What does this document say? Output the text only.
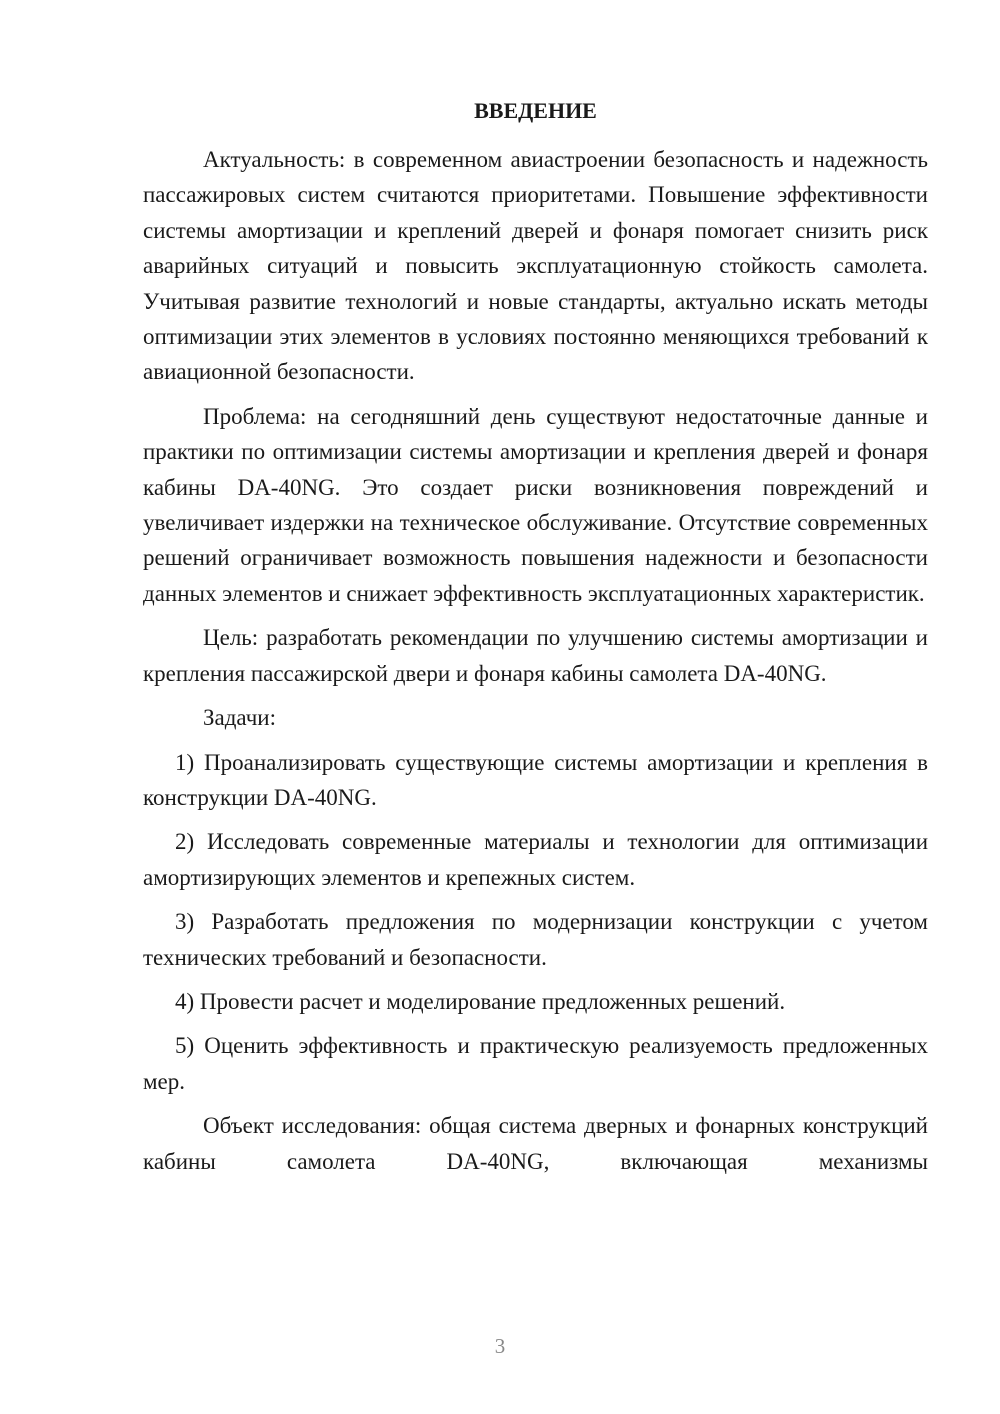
ВВЕДЕНИЕ

Актуальность: в современном авиастроении безопасность и надежность пассажировых систем считаются приоритетами. Повышение эффективности системы амортизации и креплений дверей и фонаря помогает снизить риск аварийных ситуаций и повысить эксплуатационную стойкость самолета. Учитывая развитие технологий и новые стандарты, актуально искать методы оптимизации этих элементов в условиях постоянно меняющихся требований к авиационной безопасности.

Проблема: на сегодняшний день существуют недостаточные данные и практики по оптимизации системы амортизации и крепления дверей и фонаря кабины DA-40NG. Это создает риски возникновения повреждений и увеличивает издержки на техническое обслуживание. Отсутствие современных решений ограничивает возможность повышения надежности и безопасности данных элементов и снижает эффективность эксплуатационных характеристик.

Цель: разработать рекомендации по улучшению системы амортизации и крепления пассажирской двери и фонаря кабины самолета DA-40NG.

Задачи:

1) Проанализировать существующие системы амортизации и крепления в конструкции DA-40NG.

2) Исследовать современные материалы и технологии для оптимизации амортизирующих элементов и крепежных систем.

3) Разработать предложения по модернизации конструкции с учетом технических требований и безопасности.

4) Провести расчет и моделирование предложенных решений.

5) Оценить эффективность и практическую реализуемость предложенных мер.

Объект исследования: общая система дверных и фонарных конструкций кабины самолета DA-40NG, включающая механизмы

3
